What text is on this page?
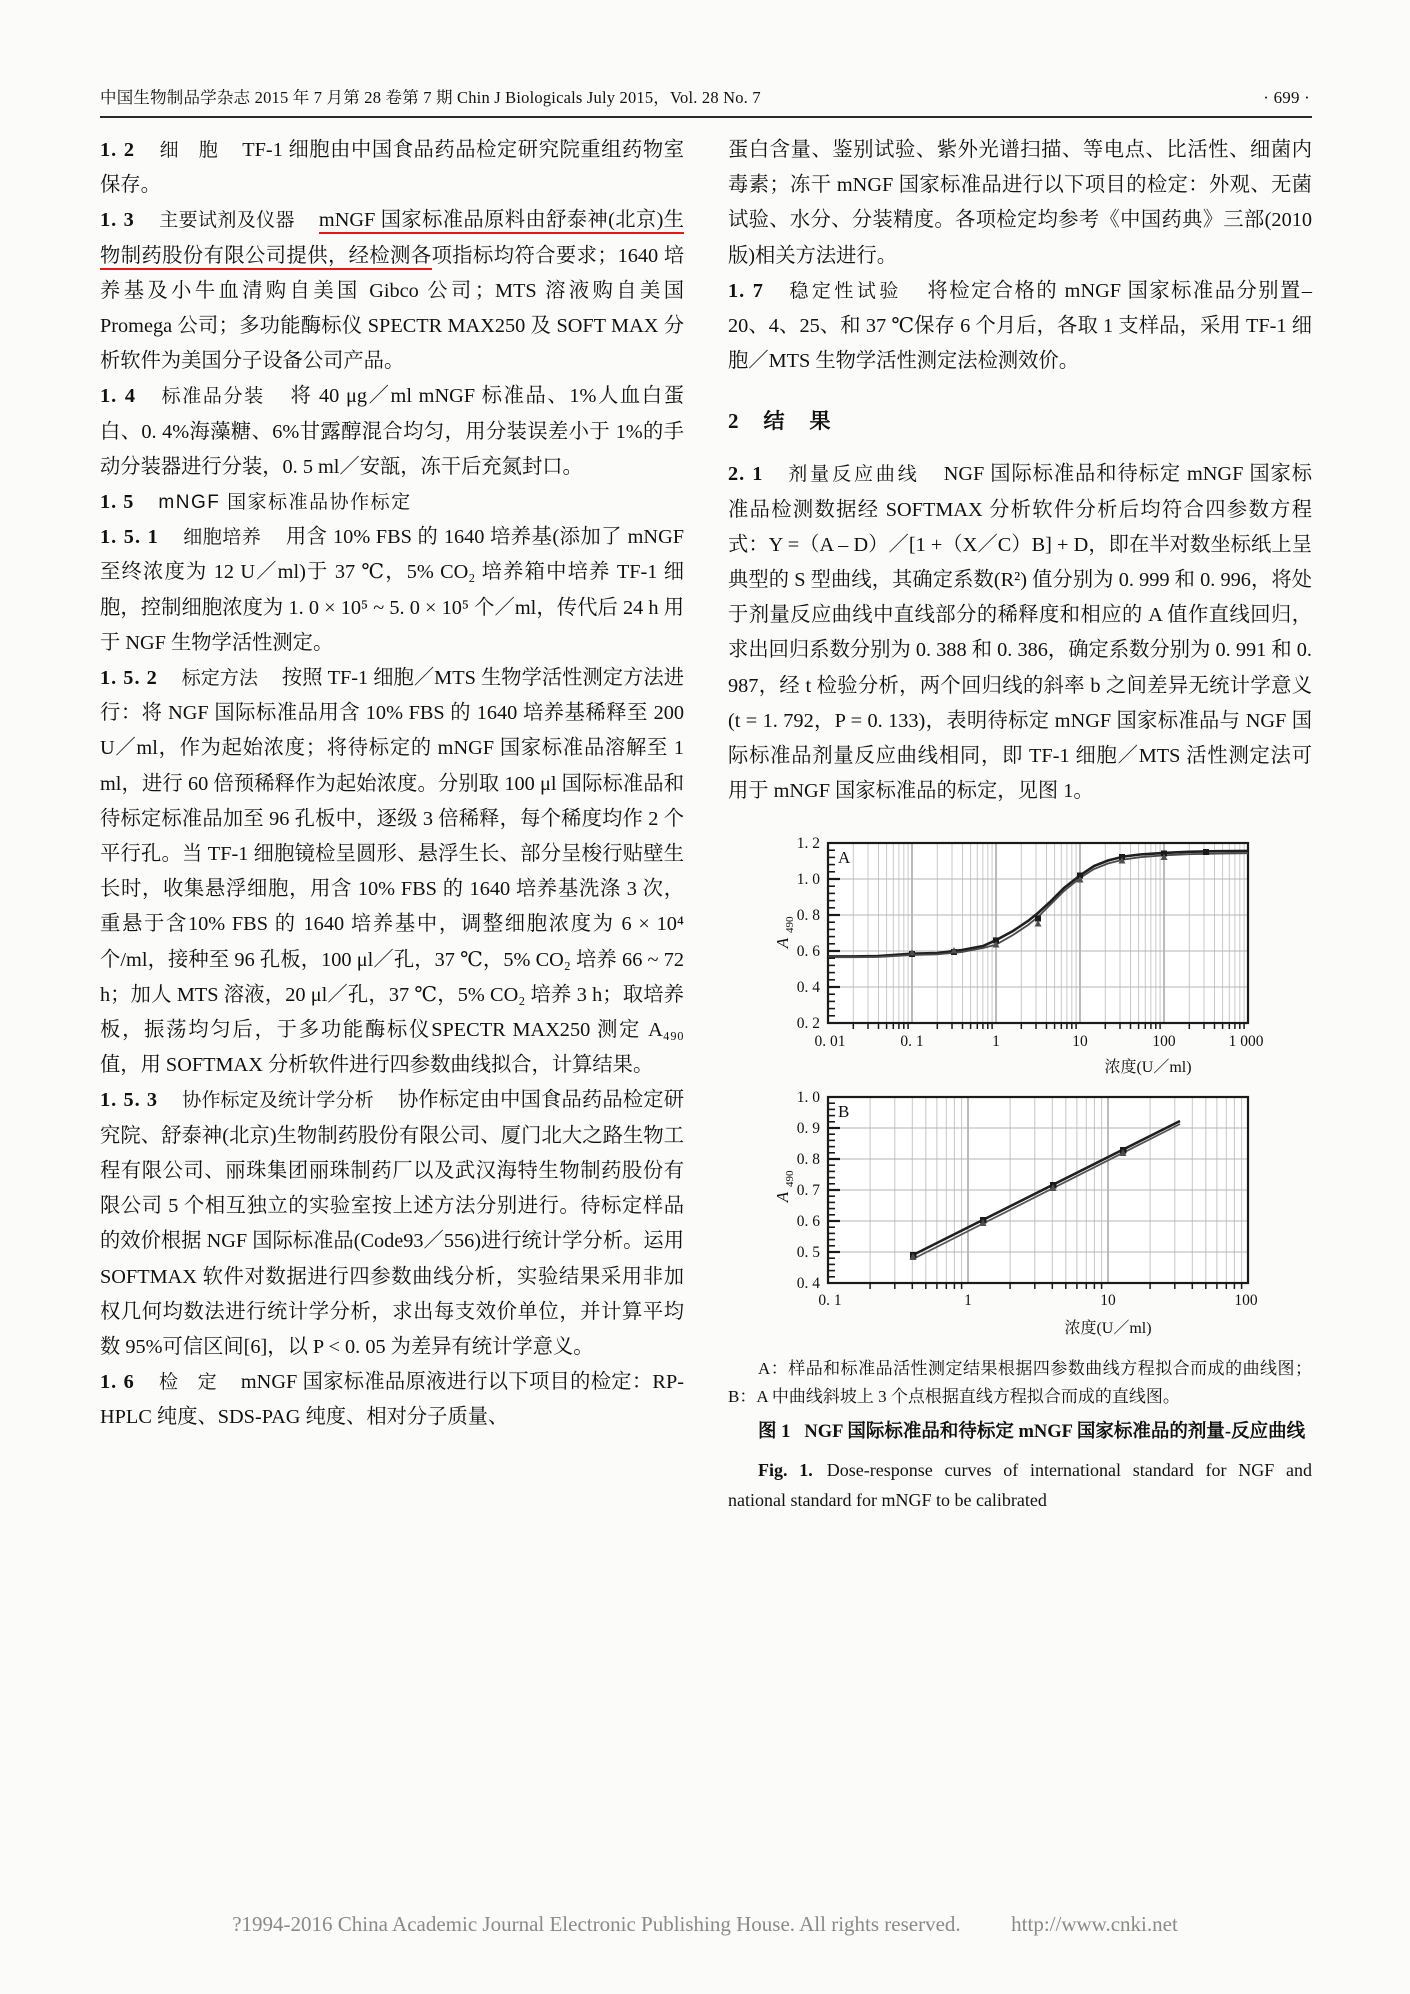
中国生物制品学杂志 2015 年 7 月第 28 卷第 7 期 Chin J Biologicals July 2015，Vol. 28 No. 7	· 699 ·

1. 2 细　胞 TF-1 细胞由中国食品药品检定研究院重组药物室保存。

1. 3 主要试剂及仪器 mNGF 国家标准品原料由舒泰神(北京)生物制药股份有限公司提供，经检测各项指标均符合要求；1640 培养基及小牛血清购自美国 Gibco 公司；MTS 溶液购自美国 Promega 公司；多功能酶标仪 SPECTR MAX250 及 SOFT MAX 分析软件为美国分子设备公司产品。

1. 4 标准品分装 将 40 μg／ml mNGF 标准品、1%人血白蛋白、0. 4%海藻糖、6%甘露醇混合均匀，用分装误差小于 1%的手动分装器进行分装，0. 5 ml／安瓿，冻干后充氮封口。

1. 5 mNGF 国家标准品协作标定

1. 5. 1 细胞培养 用含 10% FBS 的 1640 培养基(添加了 mNGF 至终浓度为 12 U／ml)于 37 ℃，5% CO₂ 培养箱中培养 TF-1 细胞，控制细胞浓度为 1. 0 × 10⁵ ~ 5. 0 × 10⁵ 个／ml，传代后 24 h 用于 NGF 生物学活性测定。

1. 5. 2 标定方法 按照 TF-1 细胞／MTS 生物学活性测定方法进行：将 NGF 国际标准品用含 10% FBS 的 1640 培养基稀释至 200 U／ml，作为起始浓度；将待标定的 mNGF 国家标准品溶解至 1 ml，进行 60 倍预稀释作为起始浓度。分别取 100 μl 国际标准品和待标定标准品加至 96 孔板中，逐级 3 倍稀释，每个稀度均作 2 个平行孔。当 TF-1 细胞镜检呈圆形、悬浮生长、部分呈梭行贴壁生长时，收集悬浮细胞，用含 10% FBS 的 1640 培养基洗涤 3 次，重悬于含10% FBS 的 1640 培养基中，调整细胞浓度为 6 × 10⁴ 个/ml，接种至 96 孔板，100 μl／孔，37 ℃，5% CO₂ 培养 66 ~ 72 h；加人 MTS 溶液，20 μl／孔，37 ℃，5% CO₂ 培养 3 h；取培养板，振荡均匀后，于多功能酶标仪SPECTR MAX250 测定 A₄₉₀ 值，用 SOFTMAX 分析软件进行四参数曲线拟合，计算结果。

1. 5. 3 协作标定及统计学分析 协作标定由中国食品药品检定研究院、舒泰神(北京)生物制药股份有限公司、厦门北大之路生物工程有限公司、丽珠集团丽珠制药厂以及武汉海特生物制药股份有限公司 5 个相互独立的实验室按上述方法分别进行。待标定样品的效价根据 NGF 国际标准品(Code93／556)进行统计学分析。运用 SOFTMAX 软件对数据进行四参数曲线分析，实验结果采用非加权几何均数法进行统计学分析，求出每支效价单位，并计算平均数 95%可信区间[6]，以 P < 0. 05 为差异有统计学意义。

1. 6 检　定 mNGF 国家标准品原液进行以下项目的检定：RP-HPLC 纯度、SDS-PAG 纯度、相对分子质量、

蛋白含量、鉴别试验、紫外光谱扫描、等电点、比活性、细菌内毒素；冻干 mNGF 国家标准品进行以下项目的检定：外观、无菌试验、水分、分装精度。各项检定均参考《中国药典》三部(2010 版)相关方法进行。

1. 7 稳定性试验 将检定合格的 mNGF 国家标准品分别置–20、4、25、和 37 ℃保存 6 个月后，各取 1 支样品，采用 TF-1 细胞／MTS 生物学活性测定法检测效价。

2　结　果

2. 1 剂量反应曲线 NGF 国际标准品和待标定 mNGF 国家标准品检测数据经 SOFTMAX 分析软件分析后均符合四参数方程式：Y =（A – D）／[1 +（X／C）B] + D，即在半对数坐标纸上呈典型的 S 型曲线，其确定系数(R²) 值分别为 0. 999 和 0. 996，将处于剂量反应曲线中直线部分的稀释度和相应的 A 值作直线回归，求出回归系数分别为 0. 388 和 0. 386，确定系数分别为 0. 991 和 0. 987，经 t 检验分析，两个回归线的斜率 b 之间差异无统计学意义(t = 1. 792，P = 0. 133)，表明待标定 mNGF 国家标准品与 NGF 国际标准品剂量反应曲线相同，即 TF-1 细胞／MTS 活性测定法可用于 mNGF 国家标准品的标定，见图 1。

1. 2
1. 0
0. 8
0. 6
0. 4
0. 2
A
490
A
0. 01	0. 1	1	10	100	1 000
浓度(U／ml)
1. 0
0. 9
0. 8
0. 7
0. 6
0. 5
0. 4
A
490
B
0. 1	1	10	100
浓度(U／ml)
A：样品和标准品活性测定结果根据四参数曲线方程拟合而成的曲线图；B：A 中曲线斜坡上 3 个点根据直线方程拟合而成的直线图。
图 1 NGF 国际标准品和待标定 mNGF 国家标准品的剂量-反应曲线
Fig. 1. Dose-response curves of international standard for NGF and national standard for mNGF to be calibrated
?1994-2016 China Academic Journal Electronic Publishing House. All rights reserved. http://www.cnki.net
